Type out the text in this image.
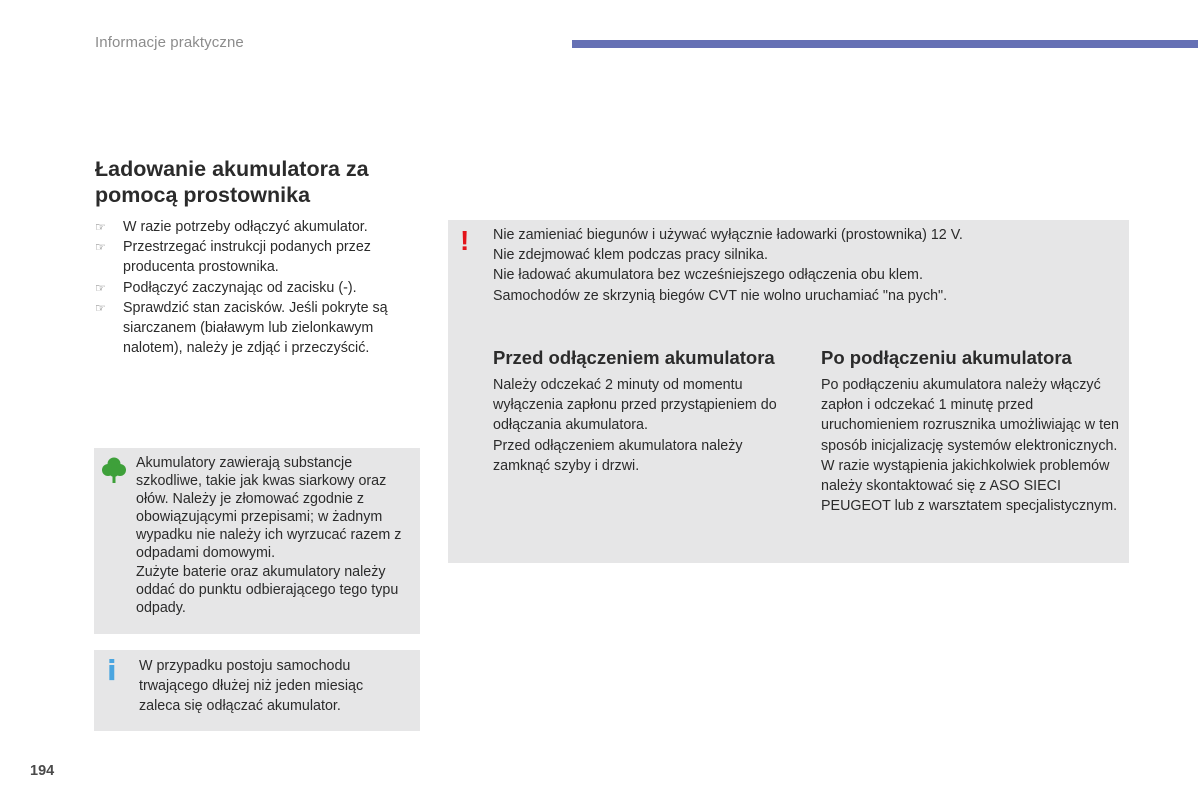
Informacje praktyczne
Ładowanie akumulatora za pomocą prostownika
☞ W razie potrzeby odłączyć akumulator.
☞ Przestrzegać instrukcji podanych przez producenta prostownika.
☞ Podłączyć zaczynając od zacisku (-).
☞ Sprawdzić stan zacisków. Jeśli pokryte są siarczanem (białawym lub zielonkawym nalotem), należy je zdjąć i przeczyścić.
Akumulatory zawierają substancje szkodliwe, takie jak kwas siarkowy oraz ołów. Należy je złomować zgodnie z obowiązującymi przepisami; w żadnym wypadku nie należy ich wyrzucać razem z odpadami domowymi.
Zużyte baterie oraz akumulatory należy oddać do punktu odbierającego tego typu odpady.
i W przypadku postoju samochodu trwającego dłużej niż jeden miesiąc zaleca się odłączać akumulator.
! Nie zamieniać biegunów i używać wyłącznie ładowarki (prostownika) 12 V.
Nie zdejmować klem podczas pracy silnika.
Nie ładować akumulatora bez wcześniejszego odłączenia obu klem.
Samochodów ze skrzynią biegów CVT nie wolno uruchamiać "na pych".
Przed odłączeniem akumulatora
Należy odczekać 2 minuty od momentu wyłączenia zapłonu przed przystąpieniem do odłączania akumulatora.
Przed odłączeniem akumulatora należy zamknąć szyby i drzwi.
Po podłączeniu akumulatora
Po podłączeniu akumulatora należy włączyć zapłon i odczekać 1 minutę przed uruchomieniem rozrusznika umożliwiając w ten sposób inicjalizację systemów elektronicznych. W razie wystąpienia jakichkolwiek problemów należy skontaktować się z ASO SIECI PEUGEOT lub z warsztatem specjalistycznym.
194
